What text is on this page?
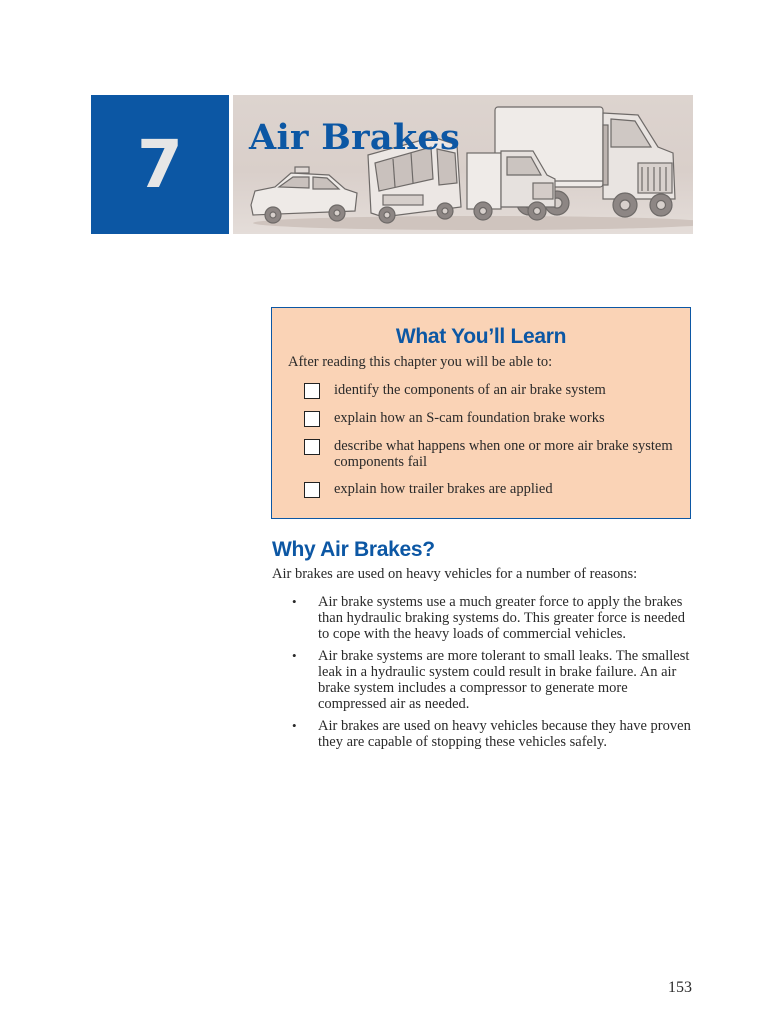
7	Air Brakes
What You’ll Learn

After reading this chapter you will be able to:

identify the components of an air brake system
explain how an S-cam foundation brake works
describe what happens when one or more air brake system components fail
explain how trailer brakes are applied
Why Air Brakes?

Air brakes are used on heavy vehicles for a number of reasons:

• Air brake systems use a much greater force to apply the brakes than hydraulic braking systems do. This greater force is needed to cope with the heavy loads of commercial vehicles.
• Air brake systems are more tolerant to small leaks. The smallest leak in a hydraulic system could result in brake failure. An air brake system includes a compressor to generate more compressed air as needed.
• Air brakes are used on heavy vehicles because they have proven they are capable of stopping these vehicles safely.
153
